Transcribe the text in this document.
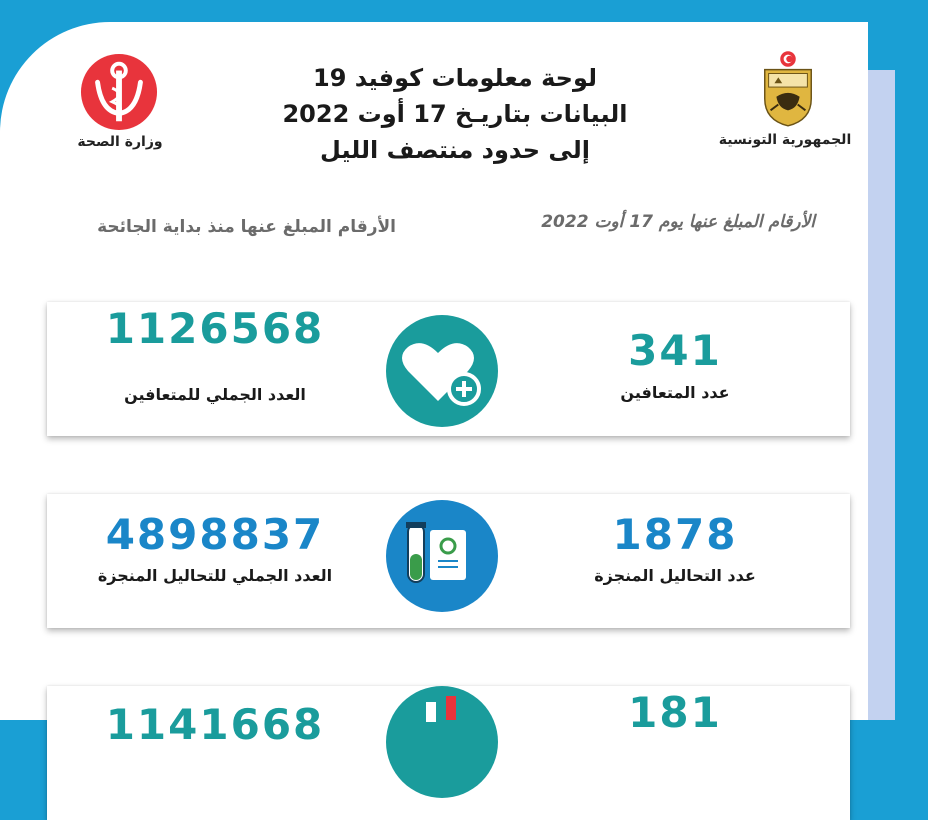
وزارة الصحة
لوحة معلومات كوفيد 19
البيانات بتاريـخ 17 أوت 2022
إلى حدود منتصف الليل	الجمهورية التونسية
الأرقام المبلغ عنها يوم 17 أوت 2022
الأرقام المبلغ عنها منذ بداية الجائحة
1126568
العدد الجملي للمتعافين
341
عدد المتعافين
4898837
العدد الجملي للتحاليل المنجزة
1878
عدد التحاليل المنجزة
1141668	181
